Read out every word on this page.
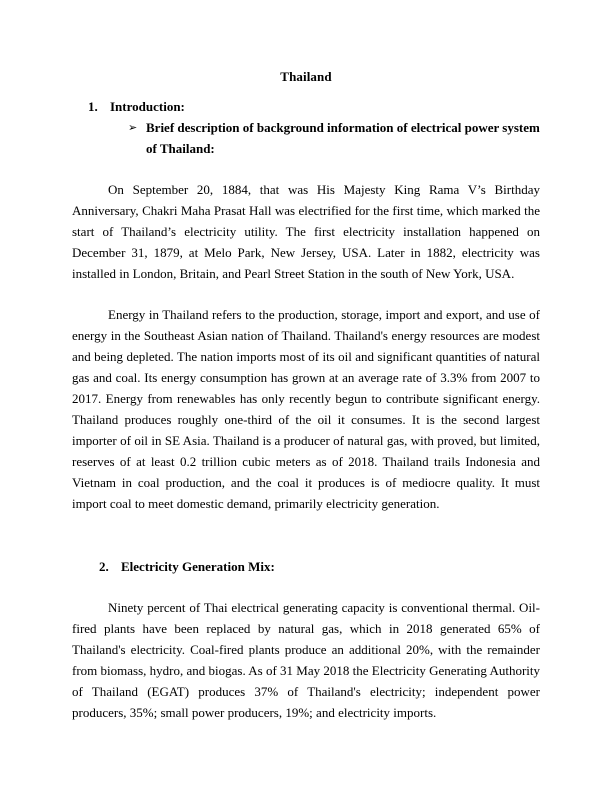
Thailand
1. Introduction:
➢ Brief description of background information of electrical power system of Thailand:

On September 20, 1884, that was His Majesty King Rama V’s Birthday Anniversary, Chakri Maha Prasat Hall was electrified for the first time, which marked the start of Thailand’s electricity utility. The first electricity installation happened on December 31, 1879, at Melo Park, New Jersey, USA. Later in 1882, electricity was installed in London, Britain, and Pearl Street Station in the south of New York, USA.

Energy in Thailand refers to the production, storage, import and export, and use of energy in the Southeast Asian nation of Thailand. Thailand's energy resources are modest and being depleted. The nation imports most of its oil and significant quantities of natural gas and coal. Its energy consumption has grown at an average rate of 3.3% from 2007 to 2017. Energy from renewables has only recently begun to contribute significant energy. Thailand produces roughly one-third of the oil it consumes. It is the second largest importer of oil in SE Asia. Thailand is a producer of natural gas, with proved, but limited, reserves of at least 0.2 trillion cubic meters as of 2018. Thailand trails Indonesia and Vietnam in coal production, and the coal it produces is of mediocre quality. It must import coal to meet domestic demand, primarily electricity generation.

2. Electricity Generation Mix:

Ninety percent of Thai electrical generating capacity is conventional thermal. Oil-fired plants have been replaced by natural gas, which in 2018 generated 65% of Thailand's electricity. Coal-fired plants produce an additional 20%, with the remainder from biomass, hydro, and biogas. As of 31 May 2018 the Electricity Generating Authority of Thailand (EGAT) produces 37% of Thailand's electricity; independent power producers, 35%; small power producers, 19%; and electricity imports.
